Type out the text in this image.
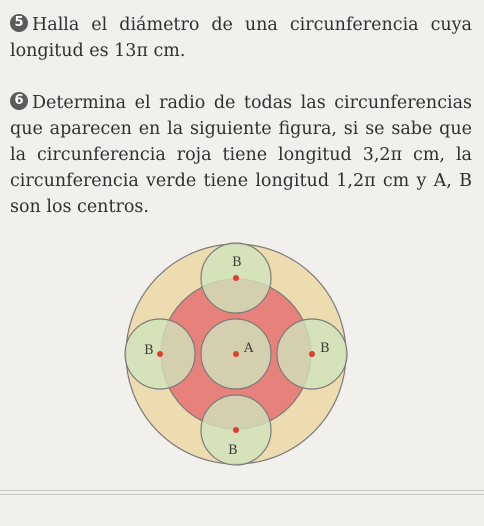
5 Halla el diámetro de una circunferencia cuya longitud es 13π cm.

6 Determina el radio de todas las circunferencias que aparecen en la siguiente figura, si se sabe que la circunferencia roja tiene longitud 3,2π cm, la circunferencia verde tiene longitud 1,2π cm y A, B son los centros.

B
B	A	B
B
